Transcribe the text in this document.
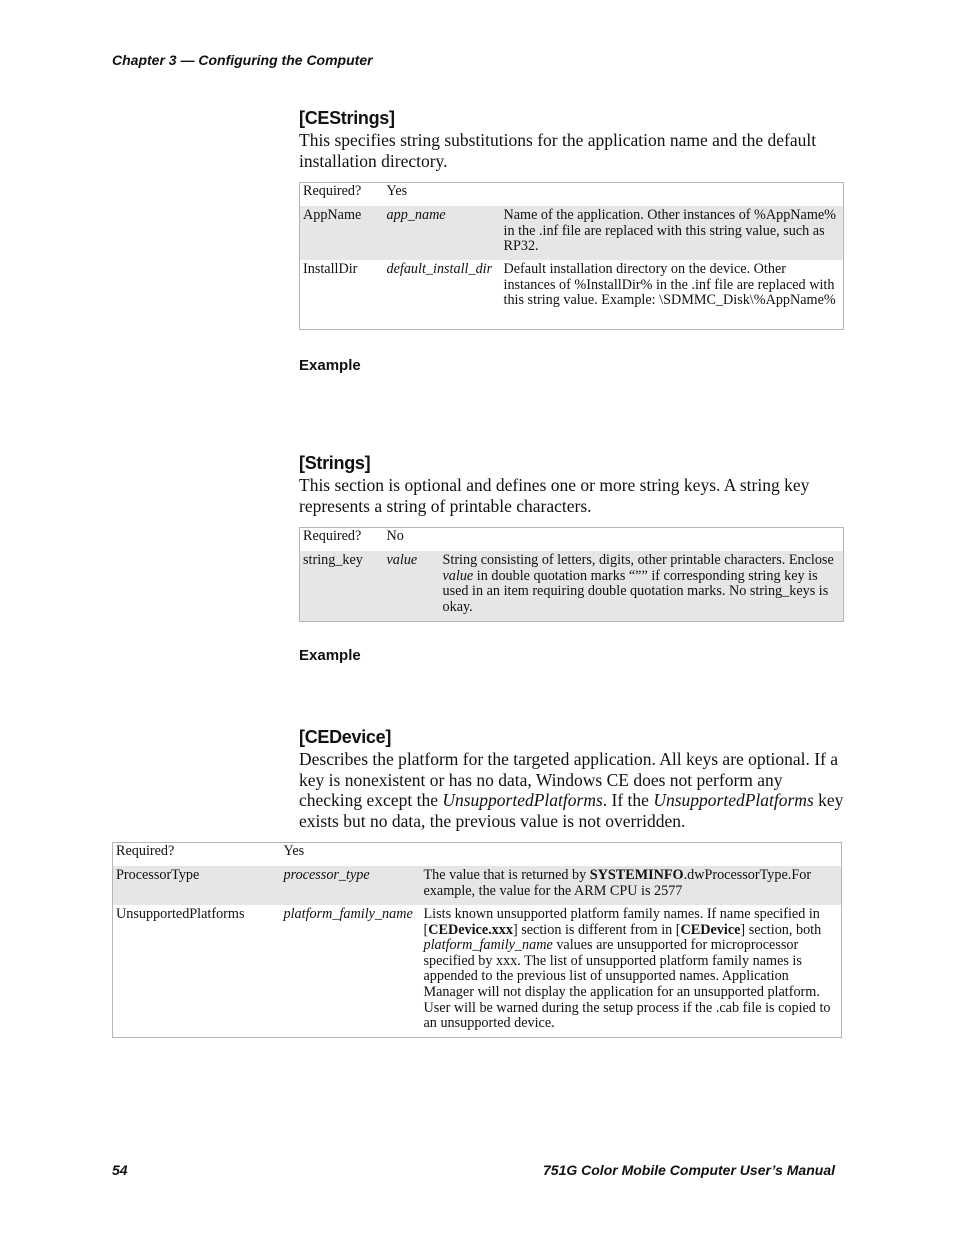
Chapter 3 — Configuring the Computer
[CEStrings]
This specifies string substitutions for the application name and the default installation directory.
Required?	Yes	
AppName	app_name	Name of the application. Other instances of %AppName% in the .inf file are replaced with this string value, such as RP32.
InstallDir	default_install_dir	Default installation directory on the device. Other instances of %InstallDir% in the .inf file are replaced with this string value. Example: \SDMMC_Disk\%AppName%
Example
[Strings]
This section is optional and defines one or more string keys. A string key represents a string of printable characters.
Required?	No	
string_key	value	String consisting of letters, digits, other printable characters. Enclose value in double quotation marks “”” if corresponding string key is used in an item requiring double quotation marks. No string_keys is okay.
Example
[CEDevice]
Describes the platform for the targeted application. All keys are optional. If a key is nonexistent or has no data, Windows CE does not perform any checking except the UnsupportedPlatforms. If the UnsupportedPlatforms key exists but no data, the previous value is not overridden.
Required?	Yes	
ProcessorType	processor_type	The value that is returned by SYSTEMINFO.dwProcessorType.For example, the value for the ARM CPU is 2577
UnsupportedPlatforms	platform_family_name	Lists known unsupported platform family names. If name specified in [CEDevice.xxx] section is different from in [CEDevice] section, both platform_family_name values are unsupported for microprocessor specified by xxx. The list of unsupported platform family names is appended to the previous list of unsupported names. Application Manager will not display the application for an unsupported platform. User will be warned during the setup process if the .cab file is copied to an unsupported device.
54	751G Color Mobile Computer User’s Manual
